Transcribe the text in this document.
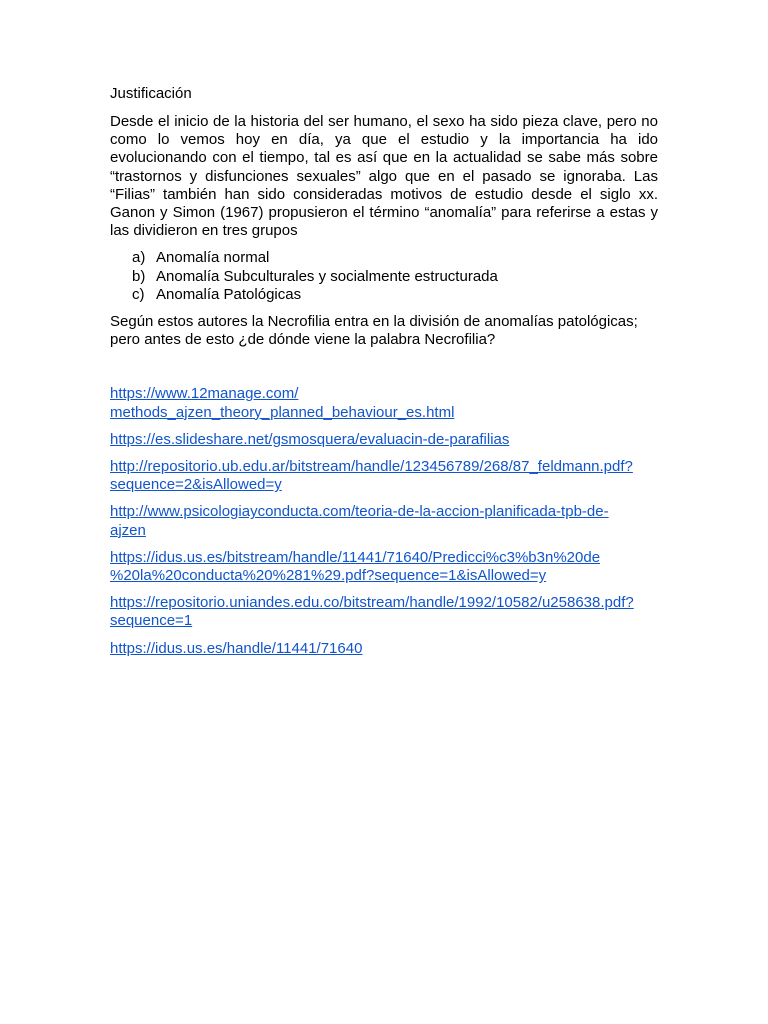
Justificación

Desde el inicio de la historia del ser humano, el sexo ha sido pieza clave, pero no como lo vemos hoy en día, ya que el estudio y la importancia ha ido evolucionando con el tiempo, tal es así que en la actualidad se sabe más sobre “trastornos y disfunciones sexuales” algo que en el pasado se ignoraba. Las “Filias” también han sido consideradas motivos de estudio desde el siglo xx. Ganon y Simon (1967) propusieron el término “anomalía” para referirse a estas y las dividieron en tres grupos

a) Anomalía normal
b) Anomalía Subculturales y socialmente estructurada
c) Anomalía Patológicas

Según estos autores la Necrofilia entra en la división de anomalías patológicas;
pero antes de esto ¿de dónde viene la palabra Necrofilia?

https://www.12manage.com/
methods_ajzen_theory_planned_behaviour_es.html

https://es.slideshare.net/gsmosquera/evaluacin-de-parafilias

http://repositorio.ub.edu.ar/bitstream/handle/123456789/268/87_feldmann.pdf?
sequence=2&isAllowed=y

http://www.psicologiayconducta.com/teoria-de-la-accion-planificada-tpb-de-
ajzen

https://idus.us.es/bitstream/handle/11441/71640/Predicci%c3%b3n%20de
%20la%20conducta%20%281%29.pdf?sequence=1&isAllowed=y

https://repositorio.uniandes.edu.co/bitstream/handle/1992/10582/u258638.pdf?
sequence=1

https://idus.us.es/handle/11441/71640
